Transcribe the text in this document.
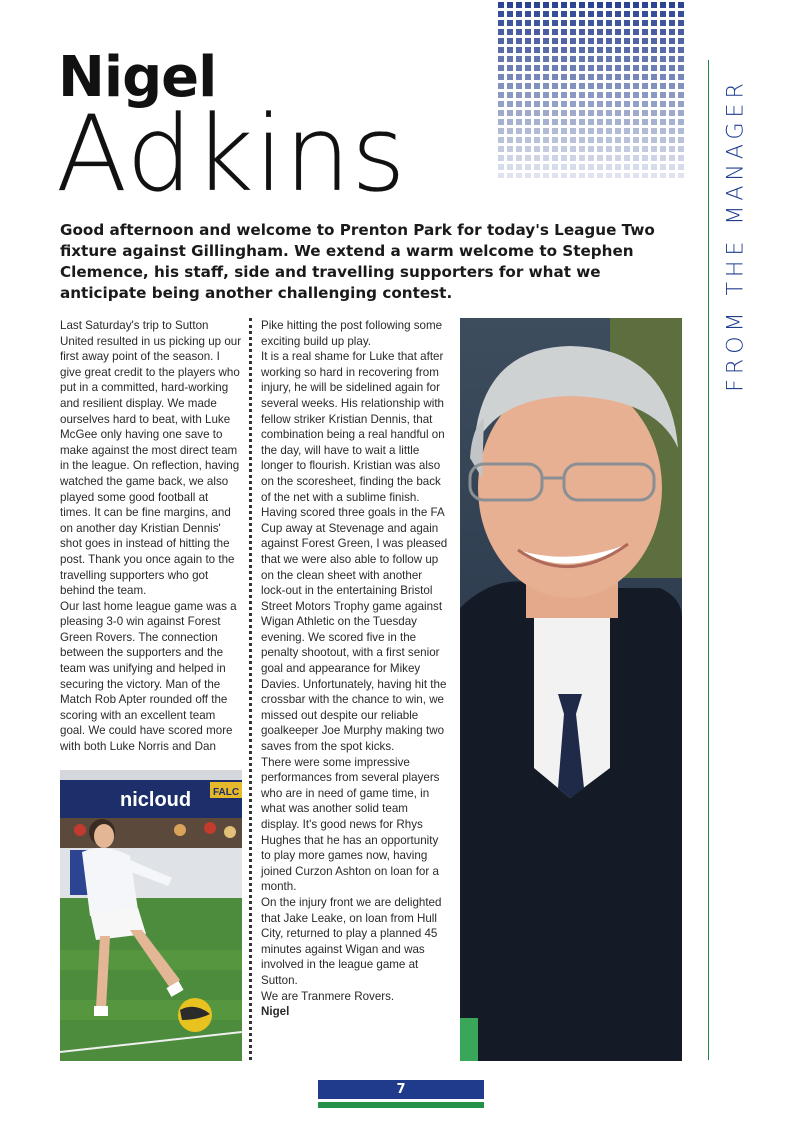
Nigel
Adkins	FROM THE MANAGER

Good afternoon and welcome to Prenton Park for today's League Two fixture against Gillingham. We extend a warm welcome to Stephen Clemence, his staff, side and travelling supporters for what we anticipate being another challenging contest.

Last Saturday's trip to Sutton United resulted in us picking up our first away point of the season. I give great credit to the players who put in a committed, hard-working and resilient display. We made ourselves hard to beat, with Luke McGee only having one save to make against the most direct team in the league. On reflection, having watched the game back, we also played some good football at times. It can be fine margins, and on another day Kristian Dennis' shot goes in instead of hitting the post. Thank you once again to the travelling supporters who got behind the team.

Our last home league game was a pleasing 3-0 win against Forest Green Rovers. The connection between the supporters and the team was unifying and helped in securing the victory. Man of the Match Rob Apter rounded off the scoring with an excellent team goal. We could have scored more with both Luke Norris and Dan

nicloud FALC

Pike hitting the post following some exciting build up play.

It is a real shame for Luke that after working so hard in recovering from injury, he will be sidelined again for several weeks. His relationship with fellow striker Kristian Dennis, that combination being a real handful on the day, will have to wait a little longer to flourish. Kristian was also on the scoresheet, finding the back of the net with a sublime finish.

Having scored three goals in the FA Cup away at Stevenage and again against Forest Green, I was pleased that we were also able to follow up on the clean sheet with another lock-out in the entertaining Bristol Street Motors Trophy game against Wigan Athletic on the Tuesday evening. We scored five in the penalty shootout, with a first senior goal and appearance for Mikey Davies. Unfortunately, having hit the crossbar with the chance to win, we missed out despite our reliable goalkeeper Joe Murphy making two saves from the spot kicks.

There were some impressive performances from several players who are in need of game time, in what was another solid team display. It's good news for Rhys Hughes that he has an opportunity to play more games now, having joined Curzon Ashton on loan for a month.

On the injury front we are delighted that Jake Leake, on loan from Hull City, returned to play a planned 45 minutes against Wigan and was involved in the league game at Sutton.

We are Tranmere Rovers.

Nigel

7
